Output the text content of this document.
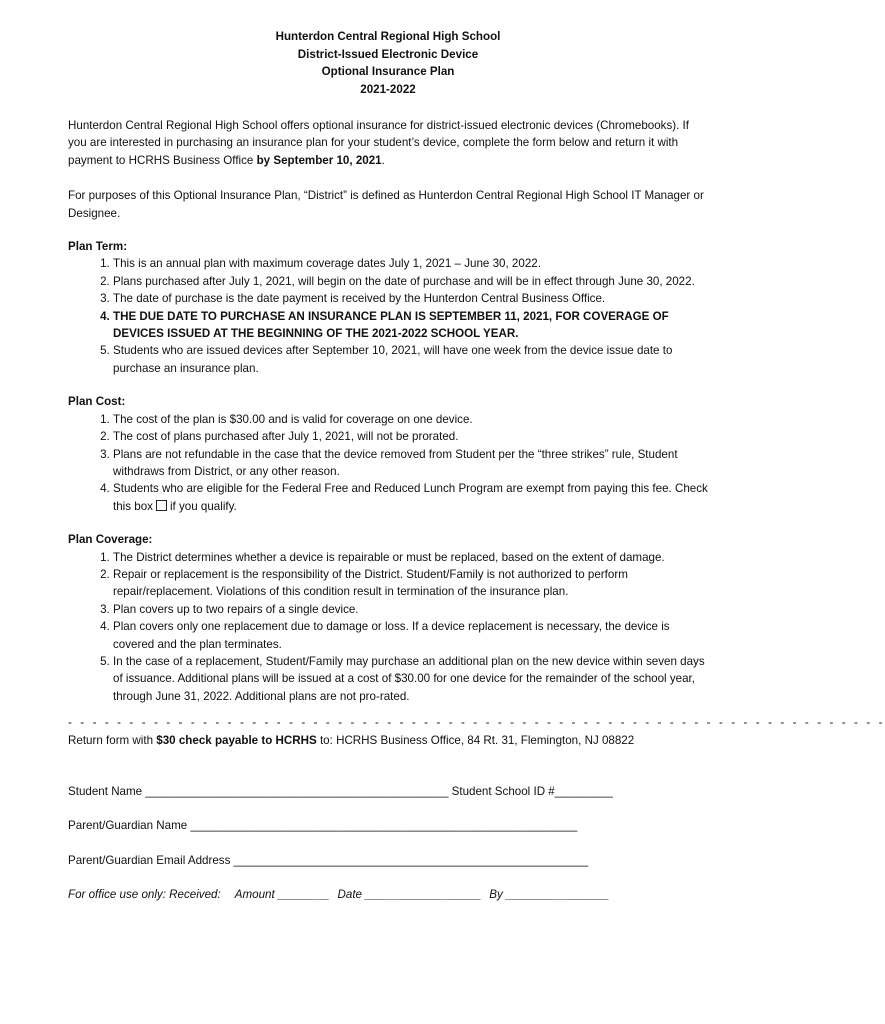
Hunterdon Central Regional High School
District-Issued Electronic Device
Optional Insurance Plan
2021-2022

Hunterdon Central Regional High School offers optional insurance for district-issued electronic devices (Chromebooks). If you are interested in purchasing an insurance plan for your student’s device, complete the form below and return it with payment to HCRHS Business Office by September 10, 2021.

For purposes of this Optional Insurance Plan, “District” is defined as Hunterdon Central Regional High School IT Manager or Designee.

Plan Term:
1. This is an annual plan with maximum coverage dates July 1, 2021 – June 30, 2022.
2. Plans purchased after July 1, 2021, will begin on the date of purchase and will be in effect through June 30, 2022.
3. The date of purchase is the date payment is received by the Hunterdon Central Business Office.
4. THE DUE DATE TO PURCHASE AN INSURANCE PLAN IS SEPTEMBER 11, 2021, FOR COVERAGE OF DEVICES ISSUED AT THE BEGINNING OF THE 2021-2022 SCHOOL YEAR.
5. Students who are issued devices after September 10, 2021, will have one week from the device issue date to purchase an insurance plan.
Plan Cost:
1. The cost of the plan is $30.00 and is valid for coverage on one device.
2. The cost of plans purchased after July 1, 2021, will not be prorated.
3. Plans are not refundable in the case that the device removed from Student per the “three strikes” rule, Student withdraws from District, or any other reason.
4. Students who are eligible for the Federal Free and Reduced Lunch Program are exempt from paying this fee. Check this box if you qualify.
Plan Coverage:
1. The District determines whether a device is repairable or must be replaced, based on the extent of damage.
2. Repair or replacement is the responsibility of the District. Student/Family is not authorized to perform repair/replacement. Violations of this condition result in termination of the insurance plan.
3. Plan covers up to two repairs of a single device.
4. Plan covers only one replacement due to damage or loss. If a device replacement is necessary, the device is covered and the plan terminates.
5. In the case of a replacement, Student/Family may purchase an additional plan on the new device within seven days of issuance. Additional plans will be issued at a cost of $30.00 for one device for the remainder of the school year, through June 31, 2022. Additional plans are not pro-rated.
- - - - - - - - - - - - - - - - - - - - - - - - - - - - - - - - - - - - - - - - - - - - - - - - - - - - - - - - - - - - - - - - - - -
Return form with $30 check payable to HCRHS to: HCRHS Business Office, 84 Rt. 31, Flemington, NJ 08822
Student Name _______________________________________________ Student School ID #_________
Parent/Guardian Name ____________________________________________________________
Parent/Guardian Email Address _______________________________________________________
For office use only: Received: Amount ________ Date __________________ By ________________
